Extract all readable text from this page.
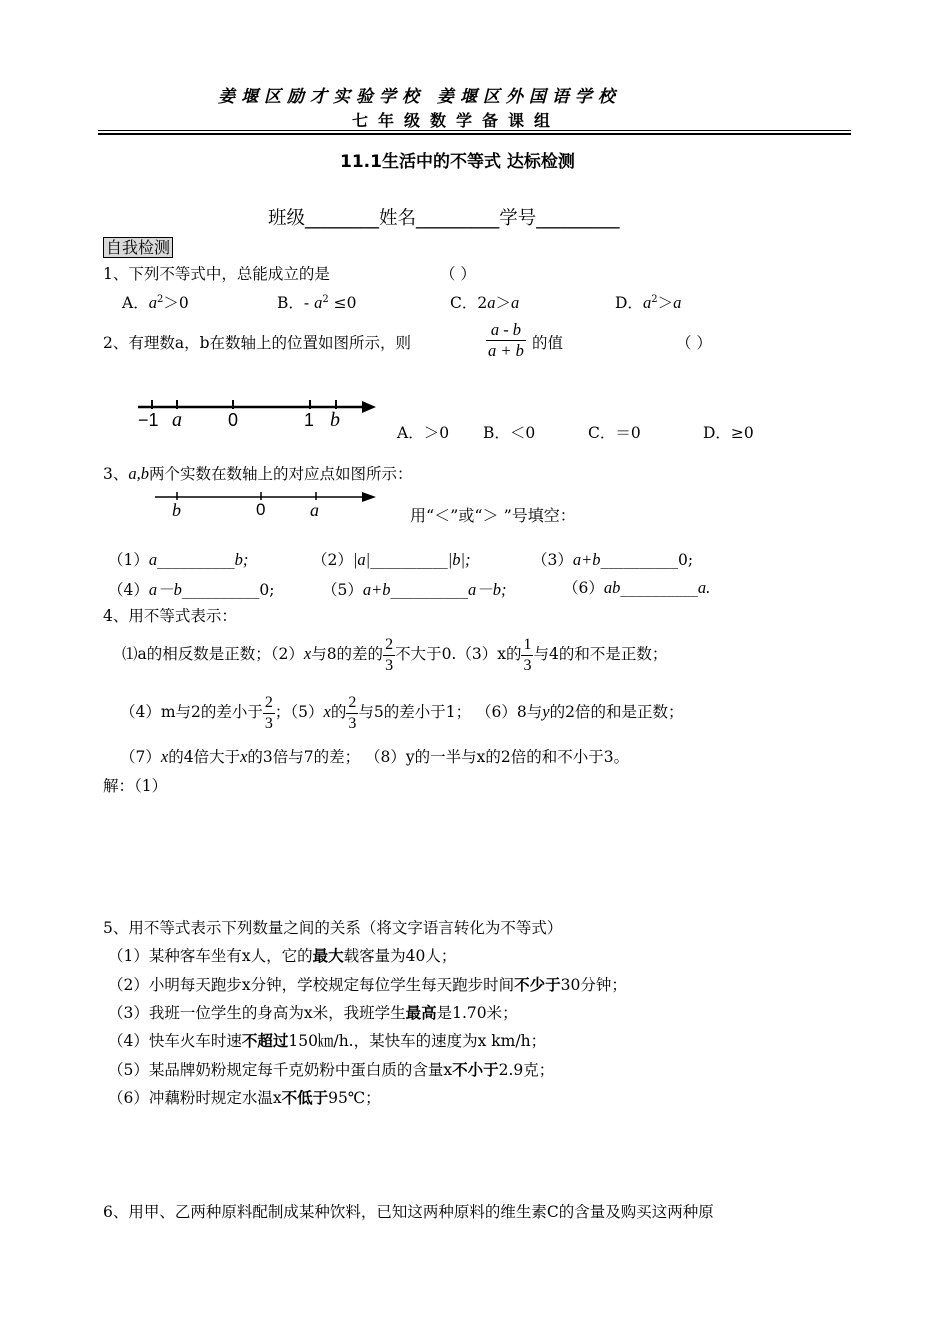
姜堰区励才实验学校 姜堰区外国语学校
七年级数学备课组
11.1生活中的不等式 达标检测
班级________姓名_________学号_________
自我检测
1、下列不等式中，总能成立的是	（ ）
A．$a^2>0$	B．- $a^2 \le 0$	C．2a＞a	D．$a^2>a$
2、有理数a，b在数轴上的位置如图所示，则	$\frac{a - b}{a + b}$ 的值	（ ）
−1 a	0	1 b
A．＞0 B．＜0	C．＝0	D．≥0
3、a,b两个实数在数轴上的对应点如图所示：
b	0 a	用“＜”或“＞ ”号填空：
（1）a__________b;	（2）|a|__________|b|;	（3）a+b__________0;
（4）a－b__________0;	（5）a+b__________a－b;	（6）ab__________a.
4、用不等式表示：
⑴a的相反数是正数；（2）x与8的差的 $\frac{2}{3}$ 不大于0.（3）x的 $\frac{1}{3}$ 与4的和不是正数；
（4）m与2的差小于 $\frac{2}{3}$ ；（5）x的 $\frac{2}{3}$ 与5的差小于1； （6）8与y的2倍的和是正数；
（7）x的4倍大于x的3倍与7的差； （8）y的一半与x的2倍的和不小于3。
解：（1）
5、用不等式表示下列数量之间的关系（将文字语言转化为不等式）
（1）某种客车坐有x人，它的最大载客量为40人；
（2）小明每天跑步x分钟，学校规定每位学生每天跑步时间不少于30分钟；
（3）我班一位学生的身高为x米，我班学生最高是1.70米；
（4）快车火车时速不超过150㎞/h.，某快车的速度为x km/h；
（5）某品牌奶粉规定每千克奶粉中蛋白质的含量x不小于2.9克；
（6）冲藕粉时规定水温x不低于95℃；
6、用甲、乙两种原料配制成某种饮料，已知这两种原料的维生素C的含量及购买这两种原
